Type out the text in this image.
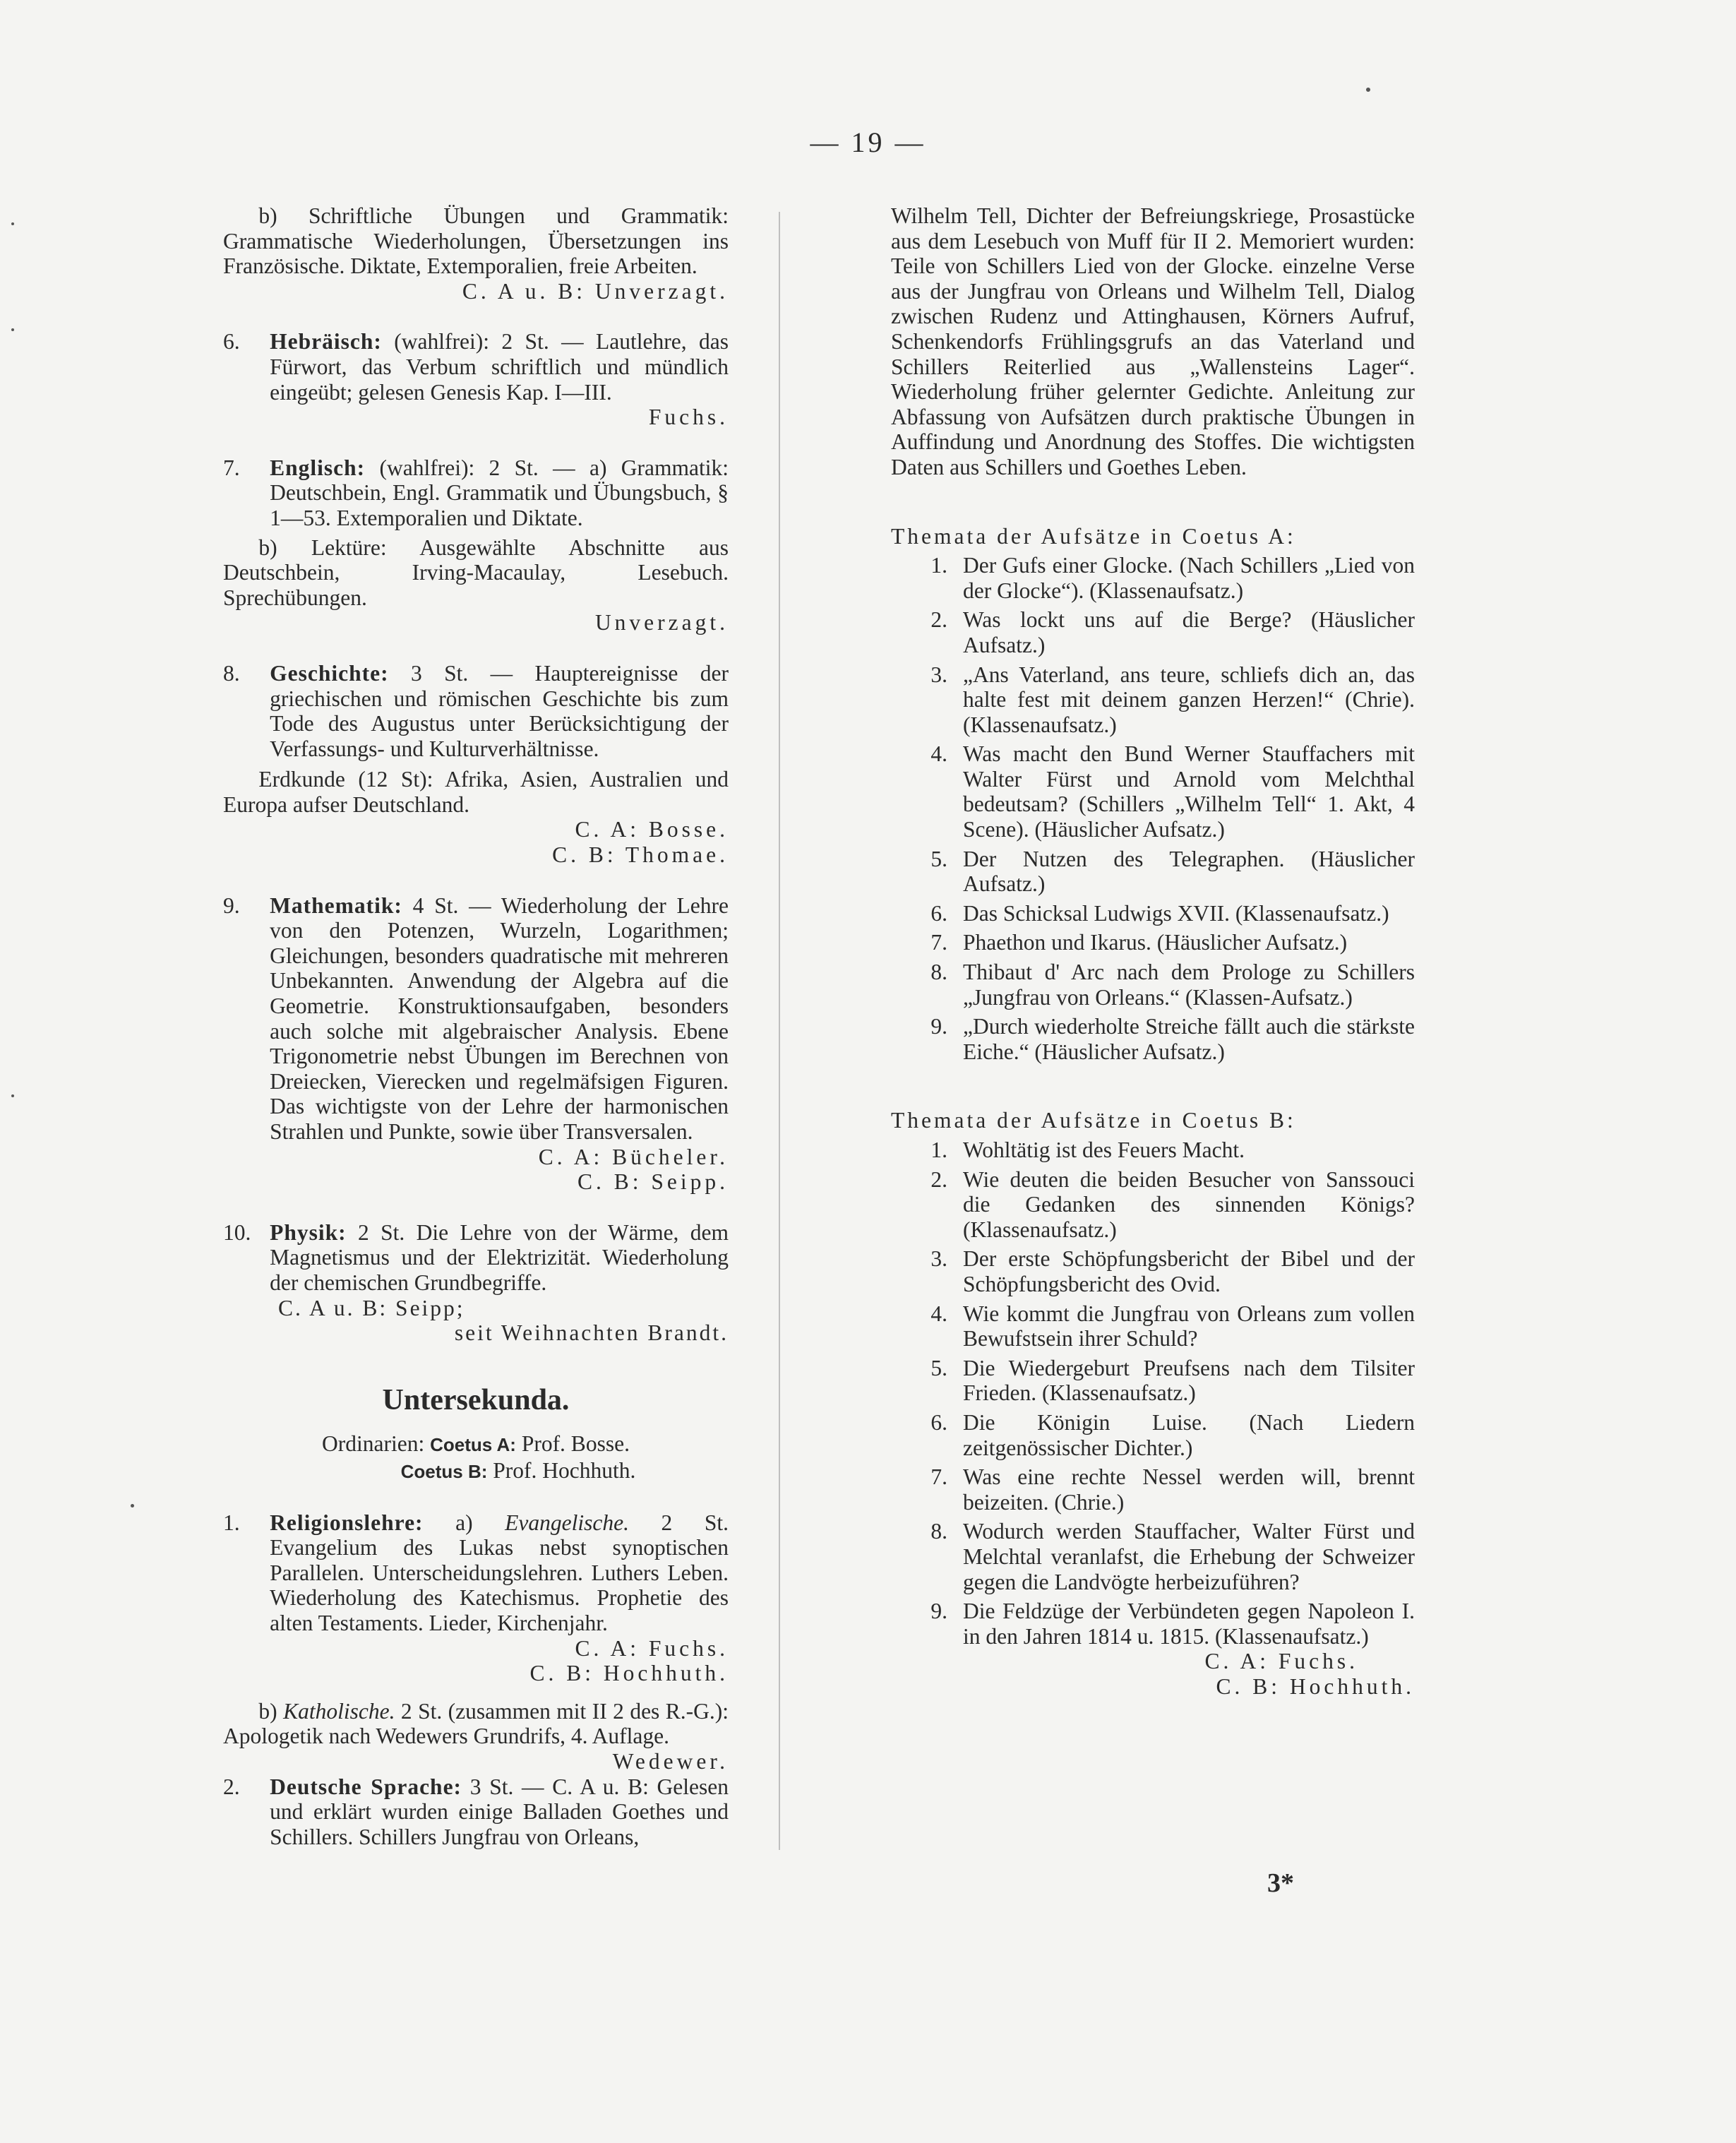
— 19 —

b) Schriftliche Übungen und Grammatik: Grammatische Wiederholungen, Übersetzungen ins Französische. Diktate, Extemporalien, freie Arbeiten.

C. A u. B: Unverzagt.

6. Hebräisch: (wahlfrei): 2 St. — Lautlehre, das Fürwort, das Verbum schriftlich und mündlich eingeübt; gelesen Genesis Kap. I—III.

Fuchs.

7. Englisch: (wahlfrei): 2 St. — a) Grammatik: Deutschbein, Engl. Grammatik und Übungsbuch, § 1—53. Extemporalien und Diktate.

b) Lektüre: Ausgewählte Abschnitte aus Deutschbein, Irving-Macaulay, Lesebuch. Sprechübungen.

Unverzagt.

8. Geschichte: 3 St. — Hauptereignisse der griechischen und römischen Geschichte bis zum Tode des Augustus unter Berücksichtigung der Verfassungs- und Kulturverhältnisse.

Erdkunde (12 St): Afrika, Asien, Australien und Europa aufser Deutschland.

C. A: Bosse.

C. B: Thomae.

9. Mathematik: 4 St. — Wiederholung der Lehre von den Potenzen, Wurzeln, Logarithmen; Gleichungen, besonders quadratische mit mehreren Unbekannten. Anwendung der Algebra auf die Geometrie. Konstruktionsaufgaben, besonders auch solche mit algebraischer Analysis. Ebene Trigonometrie nebst Übungen im Berechnen von Dreiecken, Vierecken und regelmäfsigen Figuren. Das wichtigste von der Lehre der harmonischen Strahlen und Punkte, sowie über Transversalen.

C. A: Bücheler.

C. B: Seipp.

10. Physik: 2 St. Die Lehre von der Wärme, dem Magnetismus und der Elektrizität. Wiederholung der chemischen Grundbegriffe.

C. A u. B: Seipp;

seit Weihnachten Brandt.

Untersekunda.

Ordinarien: Coetus A: Prof. Bosse.

Coetus B: Prof. Hochhuth.

1. Religionslehre: a) Evangelische. 2 St. Evangelium des Lukas nebst synoptischen Parallelen. Unterscheidungslehren. Luthers Leben. Wiederholung des Katechismus. Prophetie des alten Testaments. Lieder, Kirchenjahr.

C. A: Fuchs.

C. B: Hochhuth.

b) Katholische. 2 St. (zusammen mit II 2 des R.-G.): Apologetik nach Wedewers Grundrifs, 4. Auflage.
Wedewer.

2. Deutsche Sprache: 3 St. — C. A u. B: Gelesen und erklärt wurden einige Balladen Goethes und Schillers. Schillers Jungfrau von Orleans,

Wilhelm Tell, Dichter der Befreiungskriege, Prosastücke aus dem Lesebuch von Muff für II 2. Memoriert wurden: Teile von Schillers Lied von der Glocke. einzelne Verse aus der Jungfrau von Orleans und Wilhelm Tell, Dialog zwischen Rudenz und Attinghausen, Körners Aufruf, Schenkendorfs Frühlingsgrufs an das Vaterland und Schillers Reiterlied aus „Wallensteins Lager“. Wiederholung früher gelernter Gedichte. Anleitung zur Abfassung von Aufsätzen durch praktische Übungen in Auffindung und Anordnung des Stoffes. Die wichtigsten Daten aus Schillers und Goethes Leben.

Themata der Aufsätze in Coetus A:

1. Der Gufs einer Glocke. (Nach Schillers „Lied von der Glocke“). (Klassenaufsatz.)
2. Was lockt uns auf die Berge? (Häuslicher Aufsatz.)
3. „Ans Vaterland, ans teure, schliefs dich an, das halte fest mit deinem ganzen Herzen!“ (Chrie). (Klassenaufsatz.)
4. Was macht den Bund Werner Stauffachers mit Walter Fürst und Arnold vom Melchthal bedeutsam? (Schillers „Wilhelm Tell“ 1. Akt, 4 Scene). (Häuslicher Aufsatz.)
5. Der Nutzen des Telegraphen. (Häuslicher Aufsatz.)
6. Das Schicksal Ludwigs XVII. (Klassenaufsatz.)
7. Phaethon und Ikarus. (Häuslicher Aufsatz.)
8. Thibaut d' Arc nach dem Prologe zu Schillers „Jungfrau von Orleans.“ (Klassen-Aufsatz.)
9. „Durch wiederholte Streiche fällt auch die stärkste Eiche.“ (Häuslicher Aufsatz.)

Themata der Aufsätze in Coetus B:

1. Wohltätig ist des Feuers Macht.
2. Wie deuten die beiden Besucher von Sanssouci die Gedanken des sinnenden Königs? (Klassenaufsatz.)
3. Der erste Schöpfungsbericht der Bibel und der Schöpfungsbericht des Ovid.
4. Wie kommt die Jungfrau von Orleans zum vollen Bewufstsein ihrer Schuld?
5. Die Wiedergeburt Preufsens nach dem Tilsiter Frieden. (Klassenaufsatz.)
6. Die Königin Luise. (Nach Liedern zeitgenössischer Dichter.)
7. Was eine rechte Nessel werden will, brennt beizeiten. (Chrie.)
8. Wodurch werden Stauffacher, Walter Fürst und Melchtal veranlafst, die Erhebung der Schweizer gegen die Landvögte herbeizuführen?
9. Die Feldzüge der Verbündeten gegen Napoleon I. in den Jahren 1814 u. 1815. (Klassenaufsatz.)

C. A: Fuchs.

C. B: Hochhuth.

3*
